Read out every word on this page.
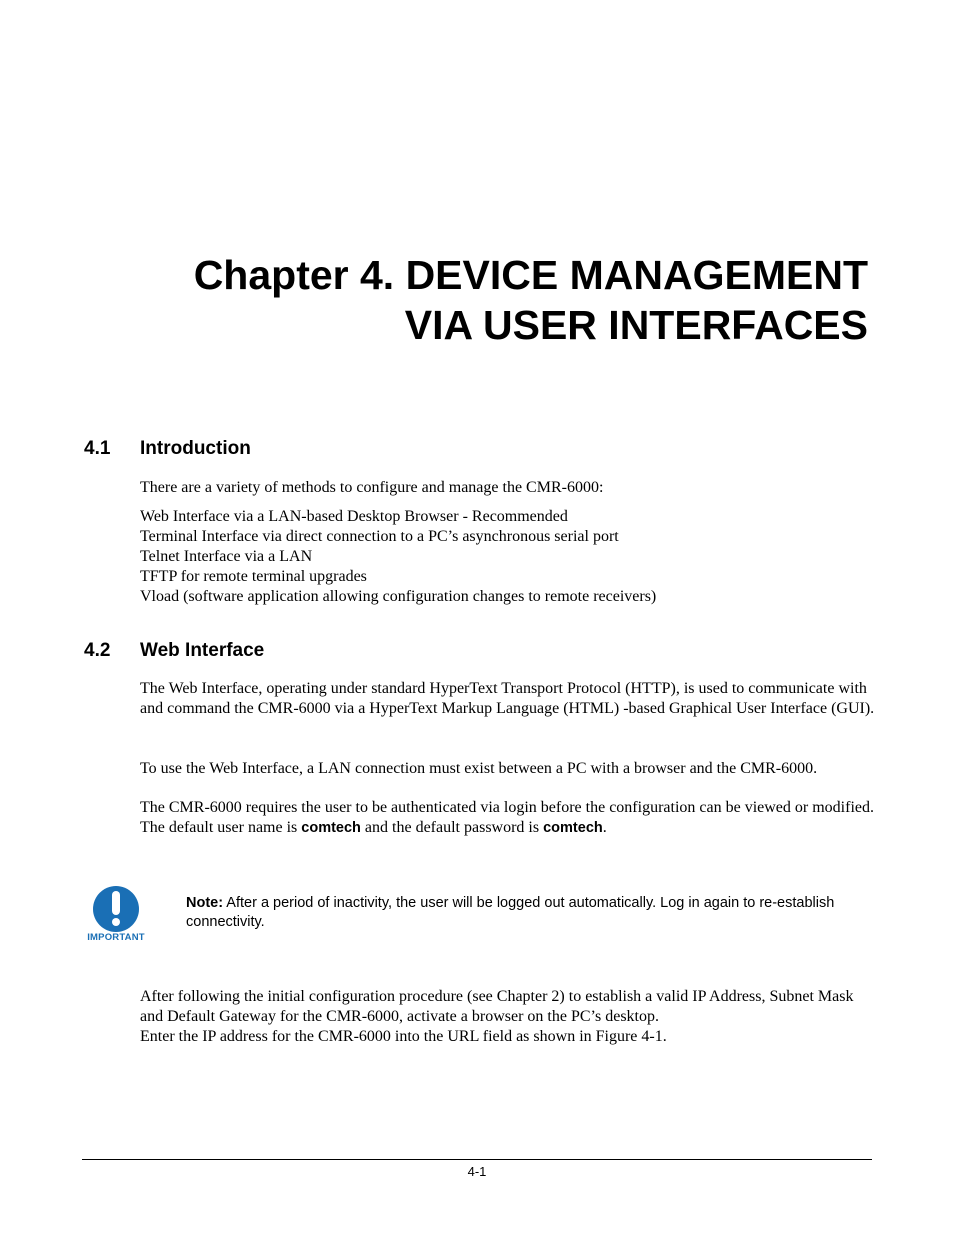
Chapter 4. DEVICE MANAGEMENT
VIA USER INTERFACES
4.1 Introduction

There are a variety of methods to configure and manage the CMR-6000:

Web Interface via a LAN-based Desktop Browser - Recommended
Terminal Interface via direct connection to a PC’s asynchronous serial port
Telnet Interface via a LAN
TFTP for remote terminal upgrades
Vload (software application allowing configuration changes to remote receivers)
4.2 Web Interface

The Web Interface, operating under standard HyperText Transport Protocol (HTTP), is used to communicate with and command the CMR-6000 via a HyperText Markup Language (HTML) -based Graphical User Interface (GUI).

To use the Web Interface, a LAN connection must exist between a PC with a browser and the CMR-6000.

The CMR-6000 requires the user to be authenticated via login before the configuration can be viewed or modified. The default user name is comtech and the default password is comtech.

IMPORTANT

Note: After a period of inactivity, the user will be logged out automatically. Log in again to re-establish connectivity.

After following the initial configuration procedure (see Chapter 2) to establish a valid IP Address, Subnet Mask and Default Gateway for the CMR-6000, activate a browser on the PC’s desktop.
Enter the IP address for the CMR-6000 into the URL field as shown in Figure 4-1.

4-1
